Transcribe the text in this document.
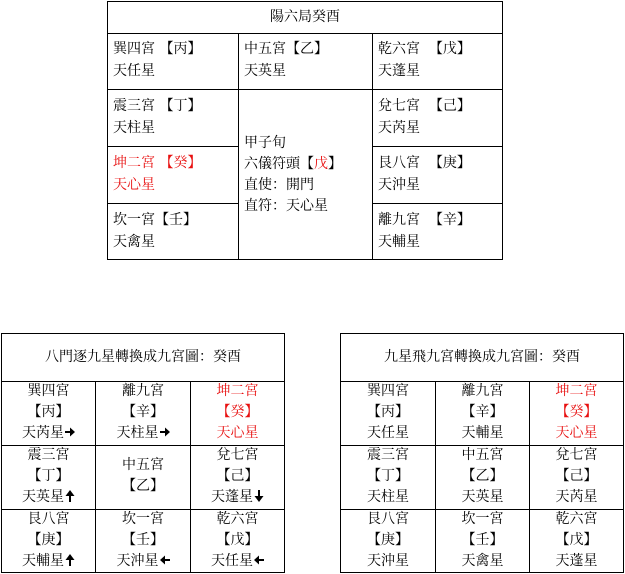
陽六局癸酉
巽四宮 【丙】
天任星
震三宮 【丁】
天柱星
坤二宮 【癸】
天心星
坎一宮【壬】
天禽星
中五宮【乙】
天英星
甲子旬
六儀符頭【戊】
直使：開門
直符：天心星
乾六宮 【戊】
天蓬星
兌七宮 【己】
天芮星
艮八宮 【庚】
天沖星
離九宮 【辛】
天輔星
八門逐九星轉換成九宮圖：癸酉
巽四宮
【丙】
天芮星
離九宮
【辛】
天柱星
坤二宮
【癸】
天心星
震三宮
【丁】
天英星
中五宮
【乙】
兌七宮
【己】
天蓬星
艮八宮
【庚】
天輔星
坎一宮
【壬】
天沖星
乾六宮
【戊】
天任星
九星飛九宮轉換成九宮圖：癸酉
巽四宮
【丙】
天任星
離九宮
【辛】
天輔星
坤二宮
【癸】
天心星
震三宮
【丁】
天柱星
中五宮
【乙】
天英星
兌七宮
【己】
天芮星
艮八宮
【庚】
天沖星
坎一宮
【壬】
天禽星
乾六宮
【戊】
天蓬星
